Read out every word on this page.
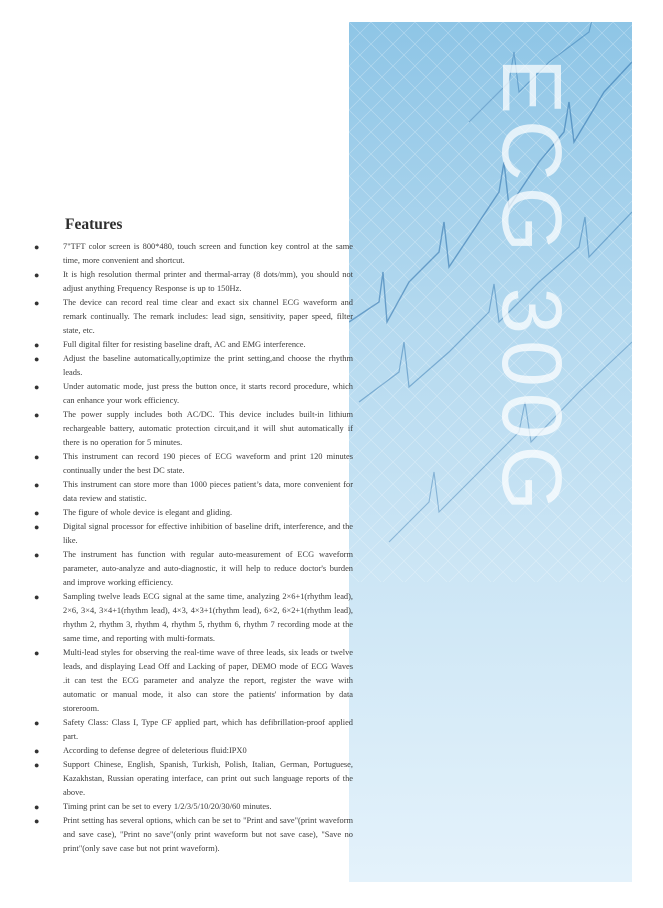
ECG 300G
Features
●	7"TFT color screen is 800*480, touch screen and function key control at the same time, more convenient and shortcut.
●	It is high resolution thermal printer and thermal-array (8 dots/mm), you should not adjust anything Frequency Response is up to 150Hz.
●	The device can record real time clear and exact six channel ECG waveform and remark continually. The remark includes: lead sign, sensitivity, paper speed, filter state, etc.
●	Full digital filter for resisting baseline draft, AC and EMG interference.
●	Adjust the baseline automatically,optimize the print setting,and choose the rhythm leads.
●	Under automatic mode, just press the button once, it starts record procedure, which can enhance your work efficiency.
●	The power supply includes both AC/DC. This device includes built-in lithium rechargeable battery, automatic protection circuit,and it will shut automatically if there is no operation for 5 minutes.
●	This instrument can record 190 pieces of ECG waveform and print 120 minutes continually under the best DC state.
●	This instrument can store more than 1000 pieces patient’s data, more convenient for data review and statistic.
●	The figure of whole device is elegant and gliding.
●	Digital signal processor for effective inhibition of baseline drift, interference, and the like.
●	The instrument has function with regular auto-measurement of ECG waveform parameter, auto-analyze and auto-diagnostic, it will help to reduce doctor's burden and improve working efficiency.
●	Sampling twelve leads ECG signal at the same time, analyzing 2×6+1(rhythm lead), 2×6, 3×4, 3×4+1(rhythm lead), 4×3, 4×3+1(rhythm lead), 6×2, 6×2+1(rhythm lead), rhythm 2, rhythm 3, rhythm 4, rhythm 5, rhythm 6, rhythm 7 recording mode at the same time, and reporting with multi-formats.
●	Multi-lead styles for observing the real-time wave of three leads, six leads or twelve leads, and displaying Lead Off and Lacking of paper, DEMO mode of ECG Waves .it can test the ECG parameter and analyze the report, register the wave with automatic or manual mode, it also can store the patients' information by data storeroom.
●	Safety Class: Class I, Type CF applied part, which has defibrillation-proof applied part.
●	According to defense degree of deleterious fluid:IPX0
●	Support Chinese, English, Spanish, Turkish, Polish, Italian, German, Portuguese, Kazakhstan, Russian operating interface, can print out such language reports of the above.
●	Timing print can be set to every 1/2/3/5/10/20/30/60 minutes.
●	Print setting has several options, which can be set to "Print and save"(print waveform and save case), "Print no save"(only print waveform but not save case), "Save no print"(only save case but not print waveform).
